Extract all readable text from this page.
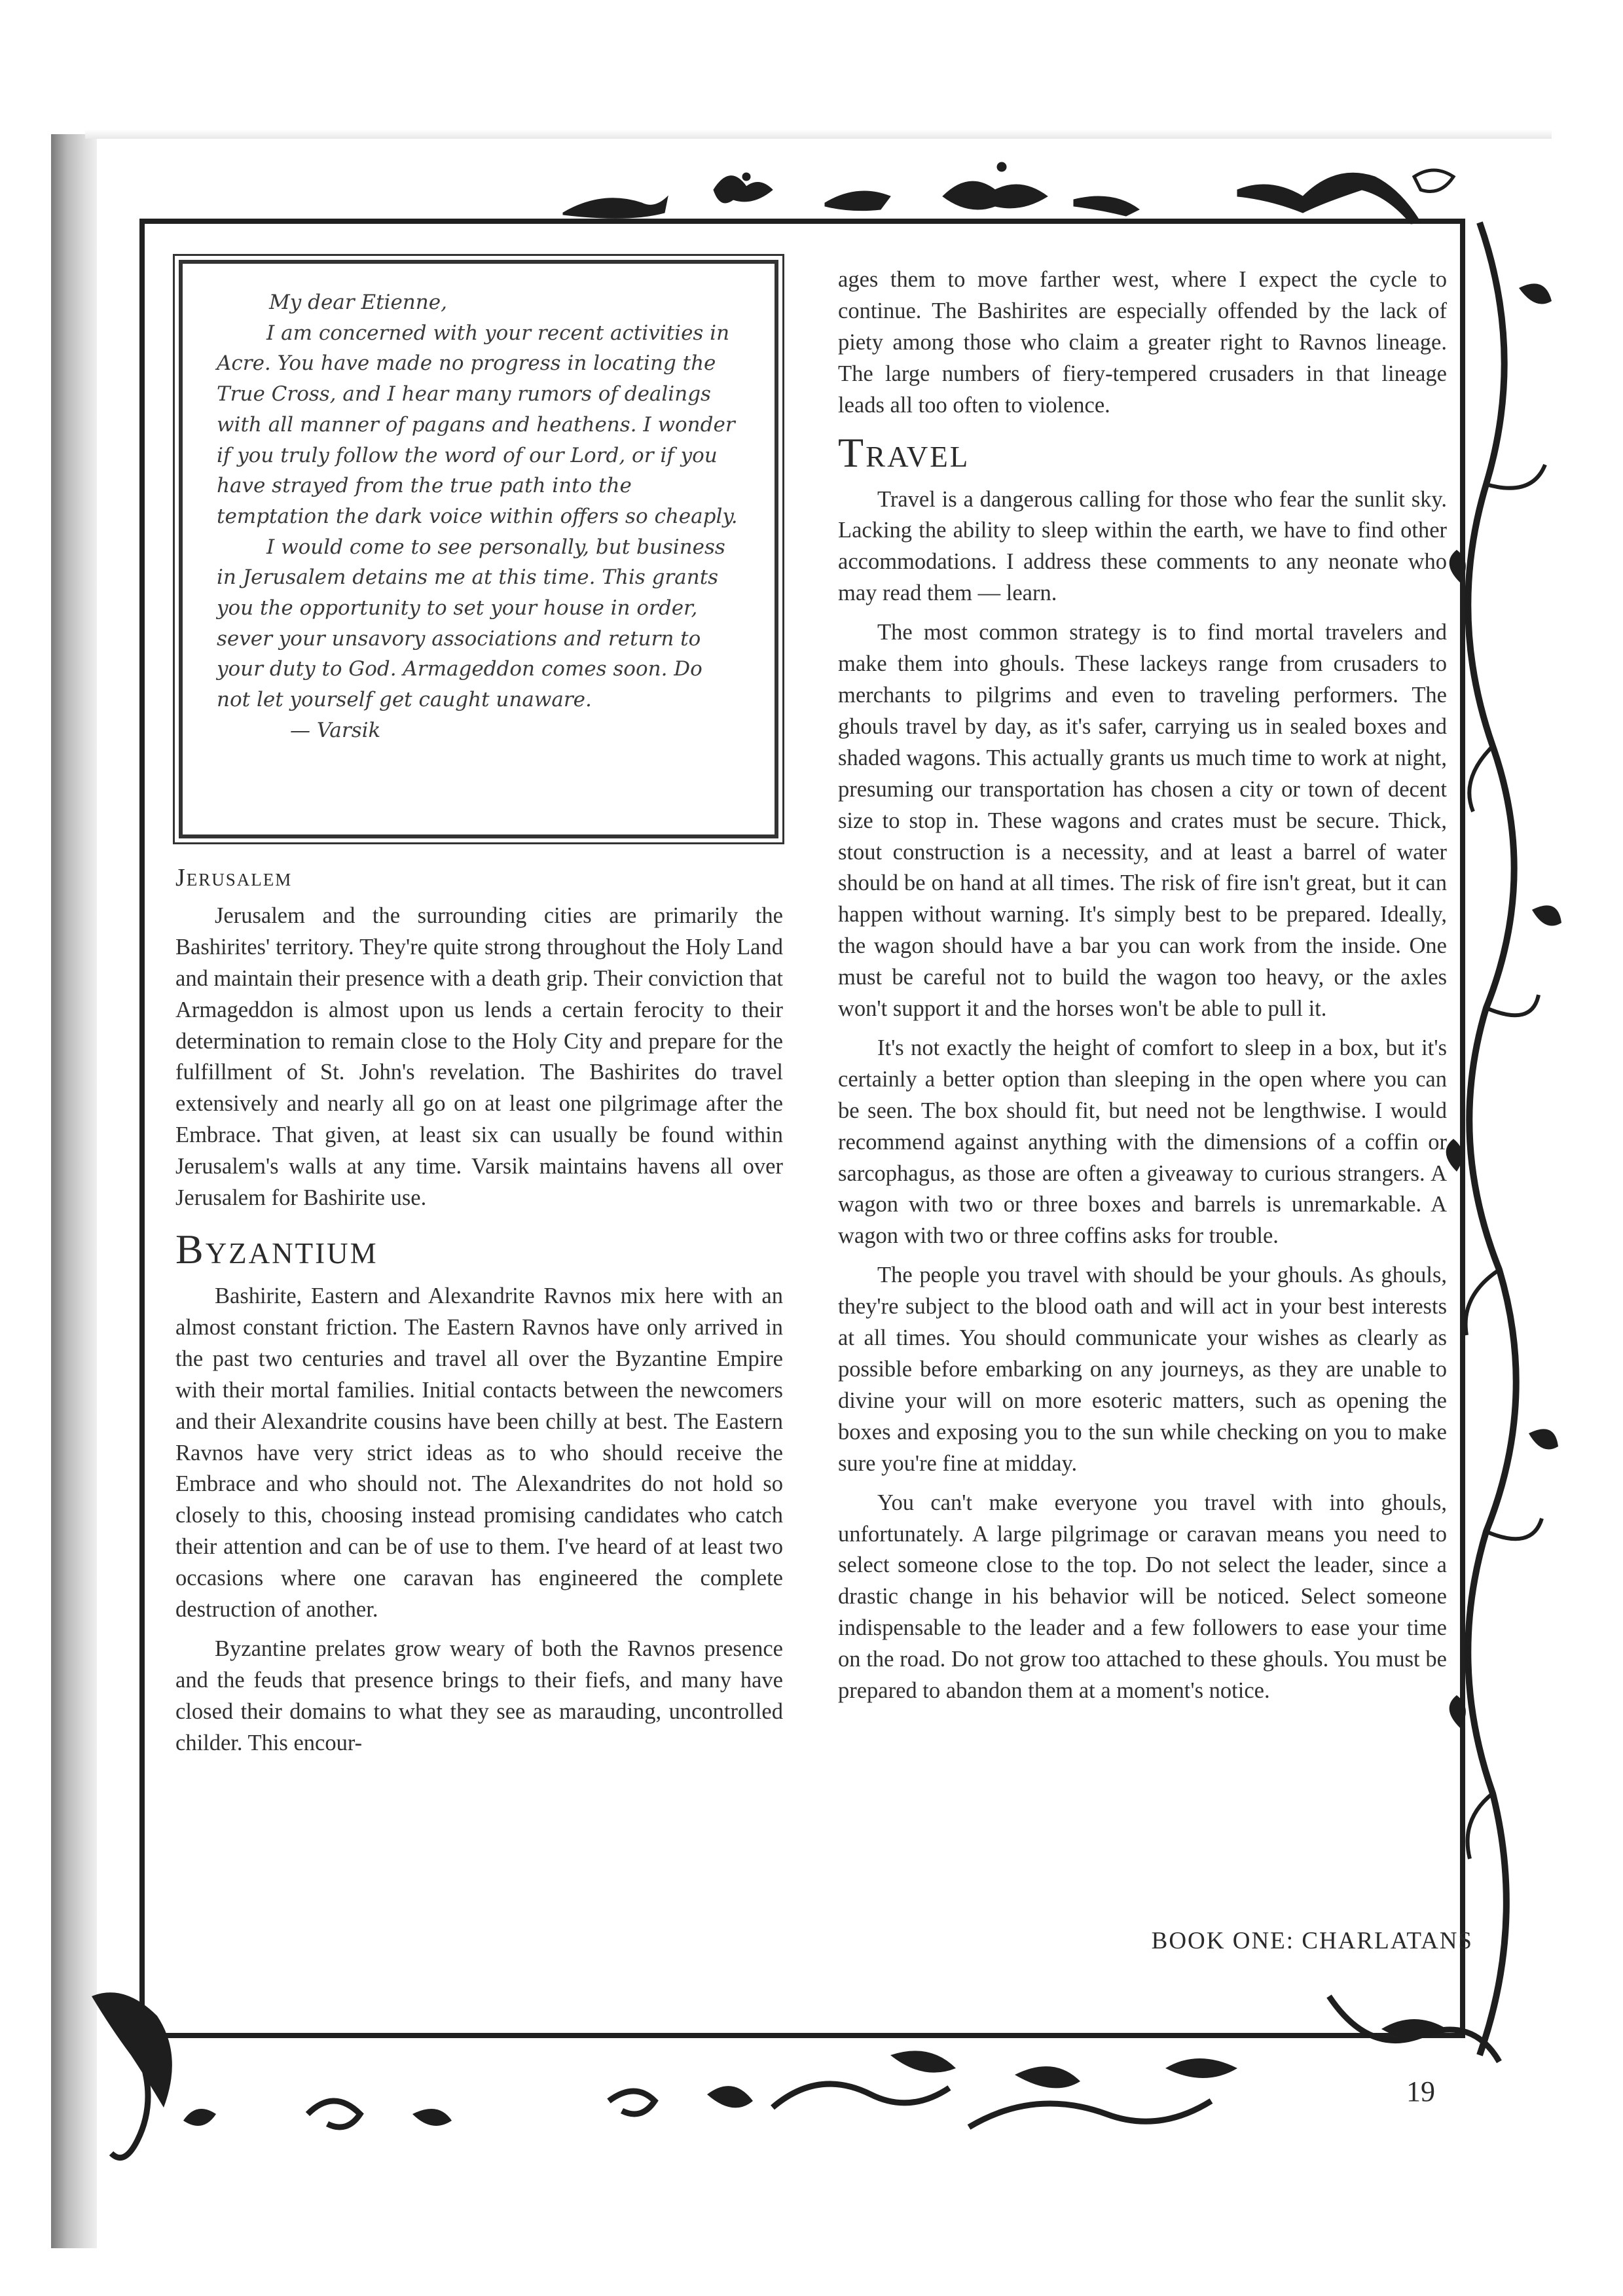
My dear Etienne,

I am concerned with your recent activities in Acre. You have made no progress in locating the True Cross, and I hear many rumors of dealings with all manner of pagans and heathens. I wonder if you truly follow the word of our Lord, or if you have strayed from the true path into the temptation the dark voice within offers so cheaply.

I would come to see personally, but business in Jerusalem detains me at this time. This grants you the opportunity to set your house in order, sever your unsavory associations and return to your duty to God. Armageddon comes soon. Do not let yourself get caught unaware.

— Varsik
Jerusalem

Jerusalem and the surrounding cities are primarily the Bashirites' territory. They're quite strong throughout the Holy Land and maintain their presence with a death grip. Their conviction that Armageddon is almost upon us lends a certain ferocity to their determination to remain close to the Holy City and prepare for the fulfillment of St. John's revelation. The Bashirites do travel extensively and nearly all go on at least one pilgrimage after the Embrace. That given, at least six can usually be found within Jerusalem's walls at any time. Varsik maintains havens all over Jerusalem for Bashirite use.

Byzantium

Bashirite, Eastern and Alexandrite Ravnos mix here with an almost constant friction. The Eastern Ravnos have only arrived in the past two centuries and travel all over the Byzantine Empire with their mortal families. Initial contacts between the newcomers and their Alexandrite cousins have been chilly at best. The Eastern Ravnos have very strict ideas as to who should receive the Embrace and who should not. The Alexandrites do not hold so closely to this, choosing instead promising candidates who catch their attention and can be of use to them. I've heard of at least two occasions where one caravan has engineered the complete destruction of another.

Byzantine prelates grow weary of both the Ravnos presence and the feuds that presence brings to their fiefs, and many have closed their domains to what they see as marauding, uncontrolled childer. This encour-

ages them to move farther west, where I expect the cycle to continue. The Bashirites are especially offended by the lack of piety among those who claim a greater right to Ravnos lineage. The large numbers of fiery-tempered crusaders in that lineage leads all too often to violence.

Travel

Travel is a dangerous calling for those who fear the sunlit sky. Lacking the ability to sleep within the earth, we have to find other accommodations. I address these comments to any neonate who may read them — learn.

The most common strategy is to find mortal travelers and make them into ghouls. These lackeys range from crusaders to merchants to pilgrims and even to traveling performers. The ghouls travel by day, as it's safer, carrying us in sealed boxes and shaded wagons. This actually grants us much time to work at night, presuming our transportation has chosen a city or town of decent size to stop in. These wagons and crates must be secure. Thick, stout construction is a necessity, and at least a barrel of water should be on hand at all times. The risk of fire isn't great, but it can happen without warning. It's simply best to be prepared. Ideally, the wagon should have a bar you can work from the inside. One must be careful not to build the wagon too heavy, or the axles won't support it and the horses won't be able to pull it.

It's not exactly the height of comfort to sleep in a box, but it's certainly a better option than sleeping in the open where you can be seen. The box should fit, but need not be lengthwise. I would recommend against anything with the dimensions of a coffin or sarcophagus, as those are often a giveaway to curious strangers. A wagon with two or three boxes and barrels is unremarkable. A wagon with two or three coffins asks for trouble.

The people you travel with should be your ghouls. As ghouls, they're subject to the blood oath and will act in your best interests at all times. You should communicate your wishes as clearly as possible before embarking on any journeys, as they are unable to divine your will on more esoteric matters, such as opening the boxes and exposing you to the sun while checking on you to make sure you're fine at midday.

You can't make everyone you travel with into ghouls, unfortunately. A large pilgrimage or caravan means you need to select someone close to the top. Do not select the leader, since a drastic change in his behavior will be noticed. Select someone indispensable to the leader and a few followers to ease your time on the road. Do not grow too attached to these ghouls. You must be prepared to abandon them at a moment's notice.

BOOK ONE: CHARLATANS
19
